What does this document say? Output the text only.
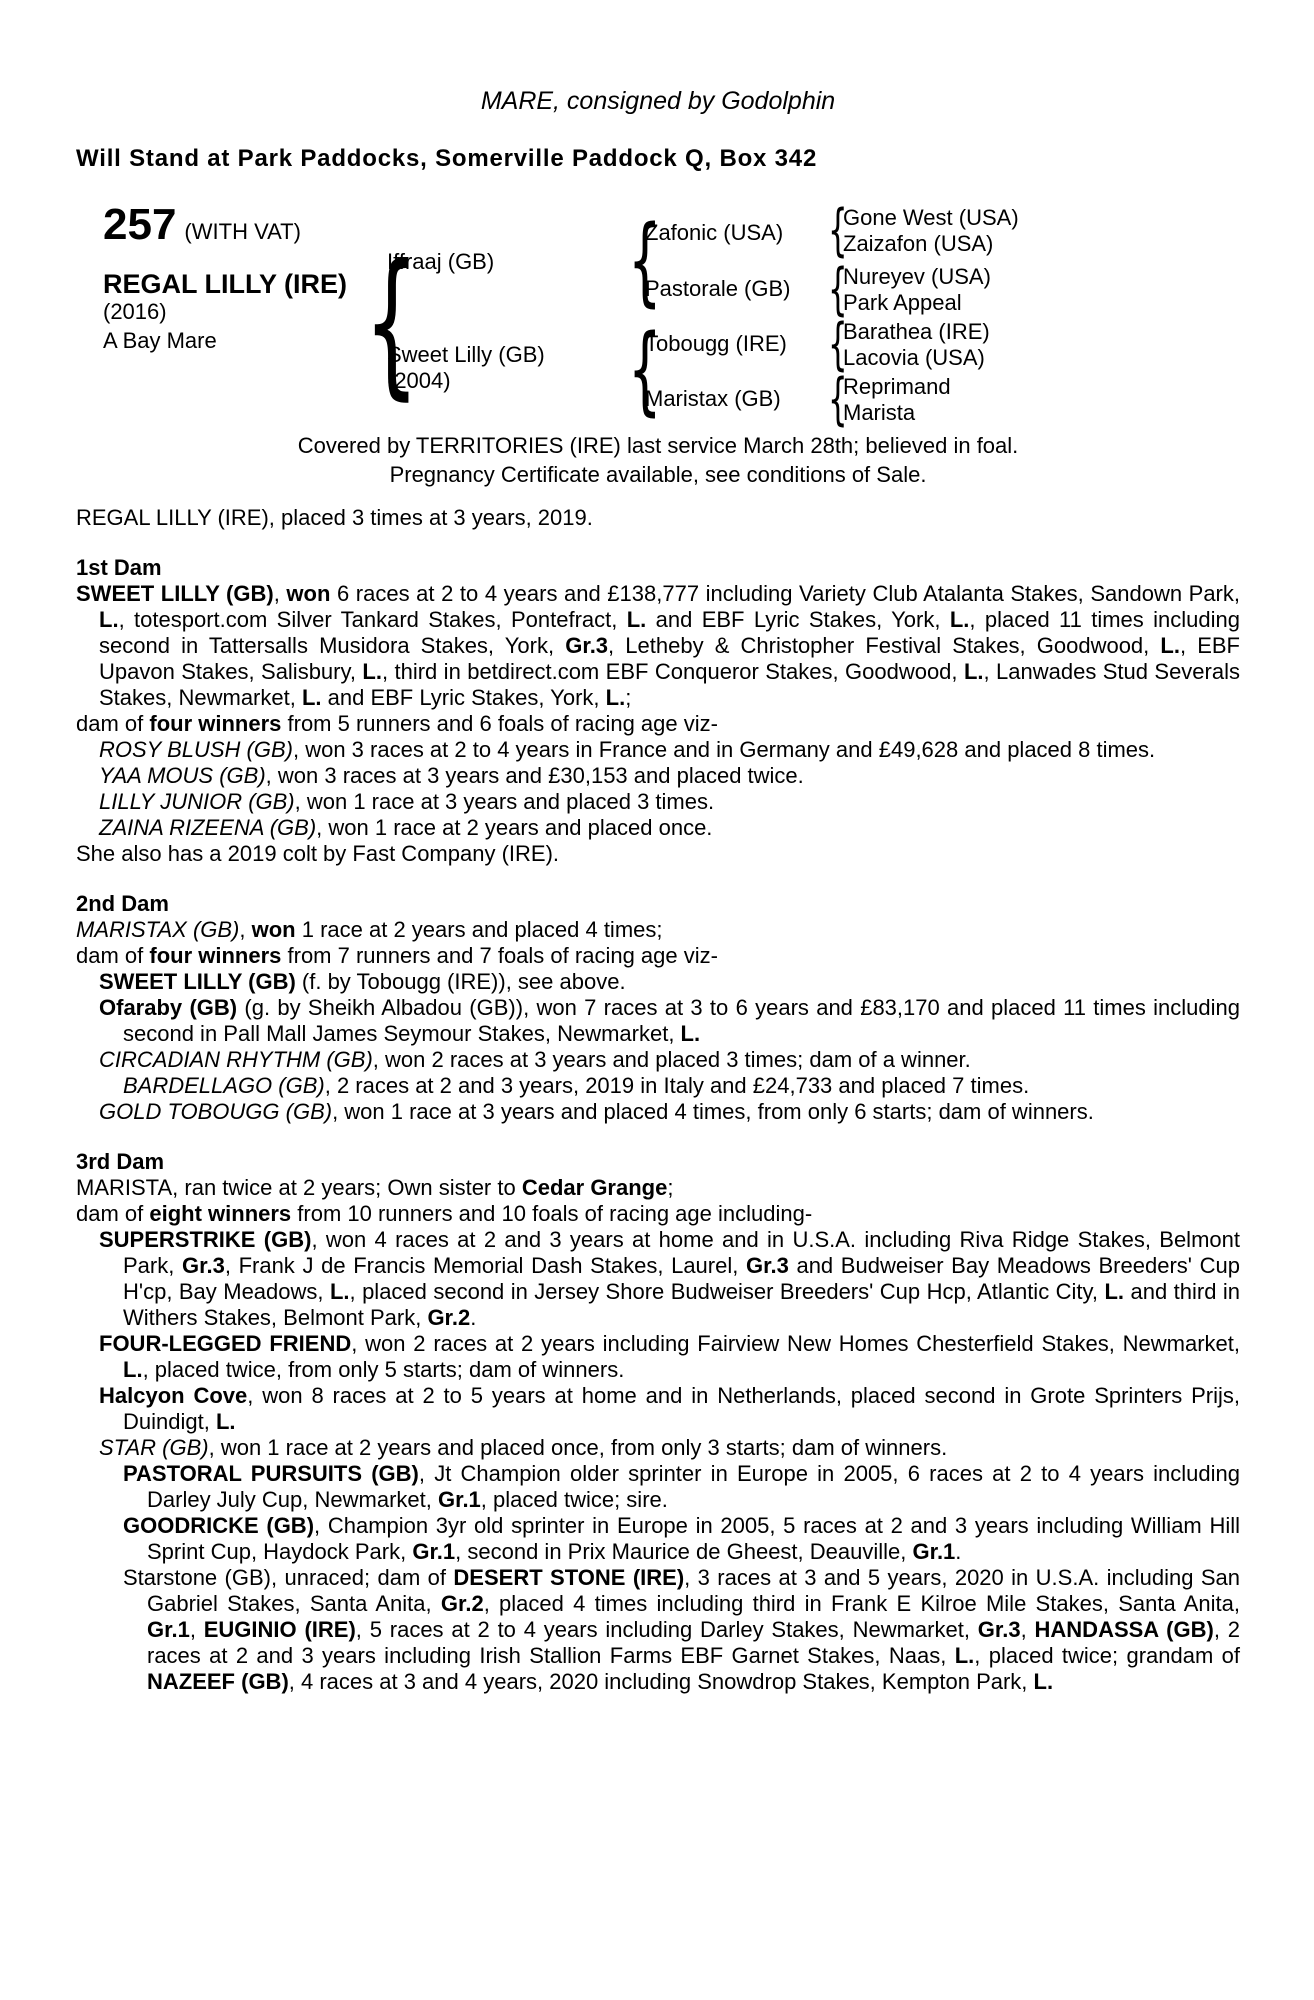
MARE, consigned by Godolphin

Will Stand at Park Paddocks, Somerville Paddock Q, Box 342

257 (WITH VAT)
REGAL LILLY (IRE)
(2016)
A Bay Mare
{
{
{
{
{
{
{
Iffraaj (GB)
Sweet Lilly (GB)
(2004)
Zafonic (USA)
Pastorale (GB)
Tobougg (IRE)
Maristax (GB)
Gone West (USA)
Zaizafon (USA)
Nureyev (USA)
Park Appeal
Barathea (IRE)
Lacovia (USA)
Reprimand
Marista
Covered by TERRITORIES (IRE) last service March 28th; believed in foal.
Pregnancy Certificate available, see conditions of Sale.

REGAL LILLY (IRE), placed 3 times at 3 years, 2019.

1st Dam

SWEET LILLY (GB), won 6 races at 2 to 4 years and £138,777 including Variety Club Atalanta Stakes, Sandown Park, L., totesport.com Silver Tankard Stakes, Pontefract, L. and EBF Lyric Stakes, York, L., placed 11 times including second in Tattersalls Musidora Stakes, York, Gr.3, Letheby & Christopher Festival Stakes, Goodwood, L., EBF Upavon Stakes, Salisbury, L., third in betdirect.com EBF Conqueror Stakes, Goodwood, L., Lanwades Stud Severals Stakes, Newmarket, L. and EBF Lyric Stakes, York, L.;

dam of four winners from 5 runners and 6 foals of racing age viz-

ROSY BLUSH (GB), won 3 races at 2 to 4 years in France and in Germany and £49,628 and placed 8 times.

YAA MOUS (GB), won 3 races at 3 years and £30,153 and placed twice.

LILLY JUNIOR (GB), won 1 race at 3 years and placed 3 times.

ZAINA RIZEENA (GB), won 1 race at 2 years and placed once.

She also has a 2019 colt by Fast Company (IRE).

2nd Dam

MARISTAX (GB), won 1 race at 2 years and placed 4 times;

dam of four winners from 7 runners and 7 foals of racing age viz-

SWEET LILLY (GB) (f. by Tobougg (IRE)), see above.

Ofaraby (GB) (g. by Sheikh Albadou (GB)), won 7 races at 3 to 6 years and £83,170 and placed 11 times including second in Pall Mall James Seymour Stakes, Newmarket, L.

CIRCADIAN RHYTHM (GB), won 2 races at 3 years and placed 3 times; dam of a winner.

BARDELLAGO (GB), 2 races at 2 and 3 years, 2019 in Italy and £24,733 and placed 7 times.

GOLD TOBOUGG (GB), won 1 race at 3 years and placed 4 times, from only 6 starts; dam of winners.

3rd Dam

MARISTA, ran twice at 2 years; Own sister to Cedar Grange;

dam of eight winners from 10 runners and 10 foals of racing age including-

SUPERSTRIKE (GB), won 4 races at 2 and 3 years at home and in U.S.A. including Riva Ridge Stakes, Belmont Park, Gr.3, Frank J de Francis Memorial Dash Stakes, Laurel, Gr.3 and Budweiser Bay Meadows Breeders' Cup H'cp, Bay Meadows, L., placed second in Jersey Shore Budweiser Breeders' Cup Hcp, Atlantic City, L. and third in Withers Stakes, Belmont Park, Gr.2.

FOUR-LEGGED FRIEND, won 2 races at 2 years including Fairview New Homes Chesterfield Stakes, Newmarket, L., placed twice, from only 5 starts; dam of winners.

Halcyon Cove, won 8 races at 2 to 5 years at home and in Netherlands, placed second in Grote Sprinters Prijs, Duindigt, L.

STAR (GB), won 1 race at 2 years and placed once, from only 3 starts; dam of winners.

PASTORAL PURSUITS (GB), Jt Champion older sprinter in Europe in 2005, 6 races at 2 to 4 years including Darley July Cup, Newmarket, Gr.1, placed twice; sire.

GOODRICKE (GB), Champion 3yr old sprinter in Europe in 2005, 5 races at 2 and 3 years including William Hill Sprint Cup, Haydock Park, Gr.1, second in Prix Maurice de Gheest, Deauville, Gr.1.

Starstone (GB), unraced; dam of DESERT STONE (IRE), 3 races at 3 and 5 years, 2020 in U.S.A. including San Gabriel Stakes, Santa Anita, Gr.2, placed 4 times including third in Frank E Kilroe Mile Stakes, Santa Anita, Gr.1, EUGINIO (IRE), 5 races at 2 to 4 years including Darley Stakes, Newmarket, Gr.3, HANDASSA (GB), 2 races at 2 and 3 years including Irish Stallion Farms EBF Garnet Stakes, Naas, L., placed twice; grandam of NAZEEF (GB), 4 races at 3 and 4 years, 2020 including Snowdrop Stakes, Kempton Park, L.
